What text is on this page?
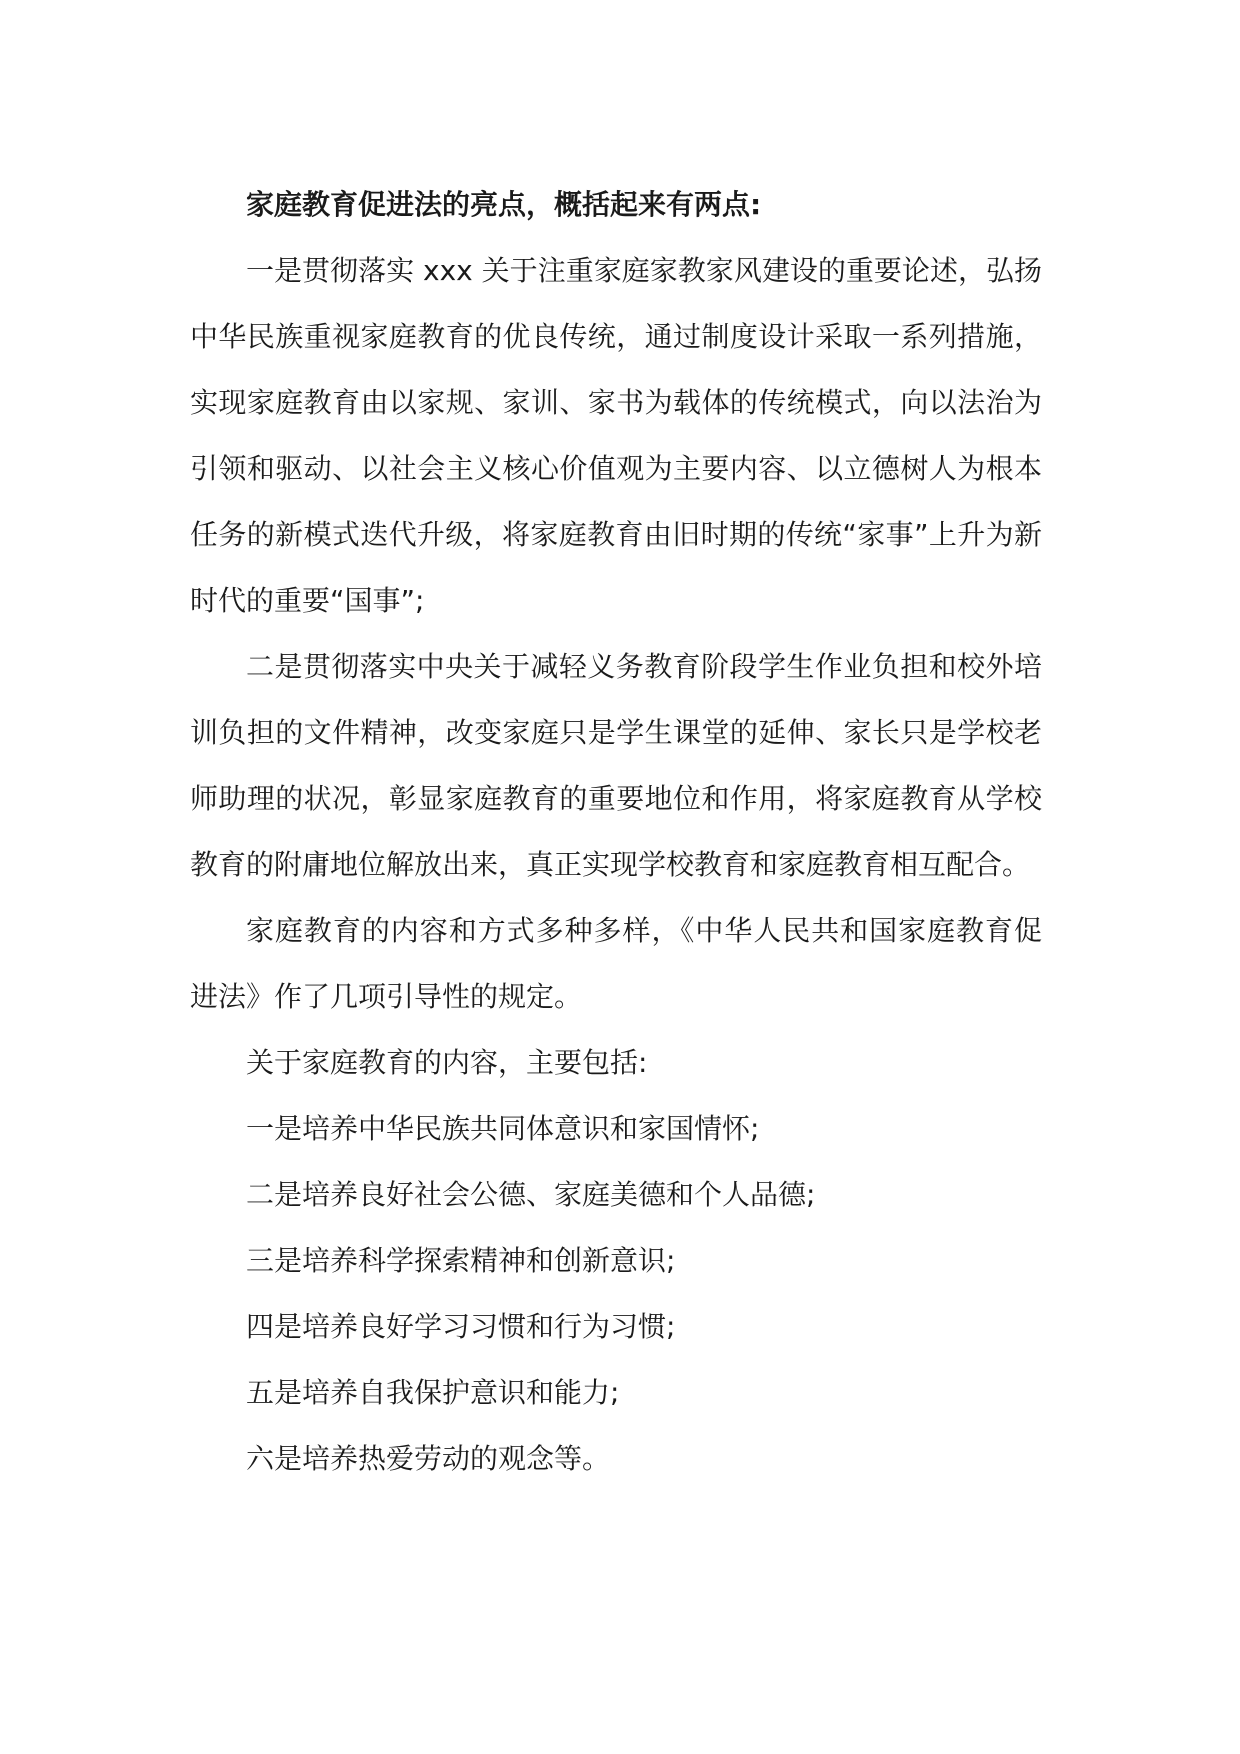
家庭教育促进法的亮点，概括起来有两点:

一是贯彻落实 xxx 关于注重家庭家教家风建设的重要论述，弘扬中华民族重视家庭教育的优良传统，通过制度设计采取一系列措施，实现家庭教育由以家规、家训、家书为载体的传统模式，向以法治为引领和驱动、以社会主义核心价值观为主要内容、以立德树人为根本任务的新模式迭代升级，将家庭教育由旧时期的传统“家事”上升为新时代的重要“国事”;

二是贯彻落实中央关于减轻义务教育阶段学生作业负担和校外培训负担的文件精神，改变家庭只是学生课堂的延伸、家长只是学校老师助理的状况，彰显家庭教育的重要地位和作用，将家庭教育从学校教育的附庸地位解放出来，真正实现学校教育和家庭教育相互配合。

家庭教育的内容和方式多种多样，《中华人民共和国家庭教育促进法》作了几项引导性的规定。

关于家庭教育的内容，主要包括:

一是培养中华民族共同体意识和家国情怀;

二是培养良好社会公德、家庭美德和个人品德;

三是培养科学探索精神和创新意识;

四是培养良好学习习惯和行为习惯;

五是培养自我保护意识和能力;

六是培养热爱劳动的观念等。
